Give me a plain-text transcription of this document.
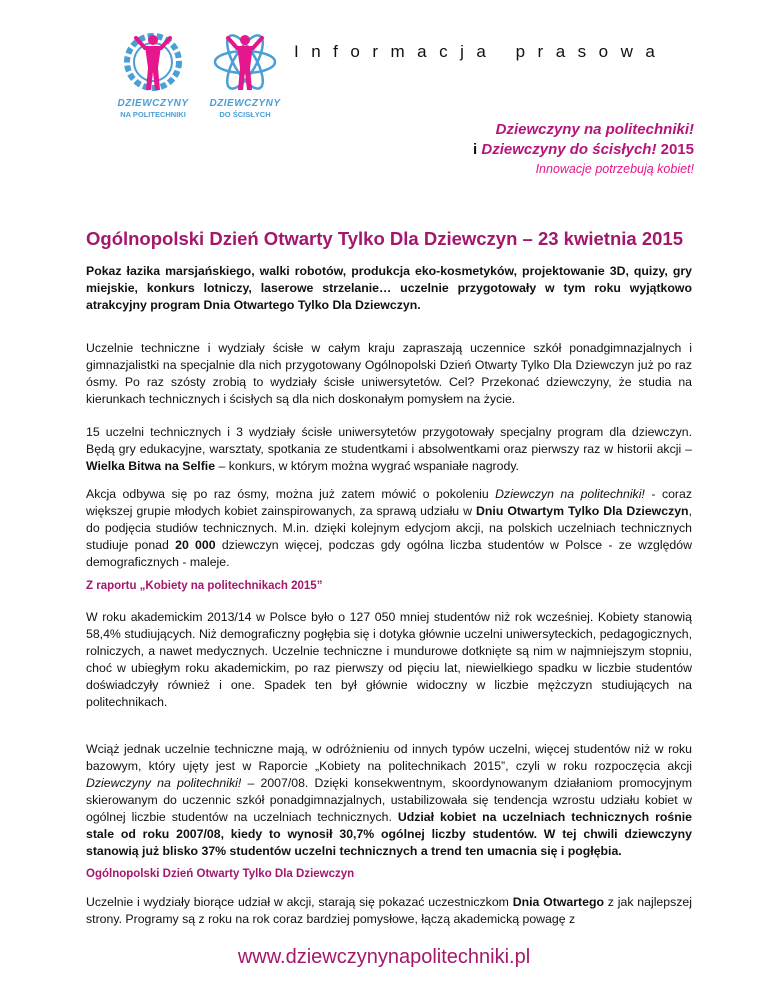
DZIEWCZYNY
NA POLITECHNIKI
DZIEWCZYNY
DO ŚCISŁYCH
Informacja prasowa
Dziewczyny na politechniki!
i Dziewczyny do ścisłych! 2015
Innowacje potrzebują kobiet!
Ogólnopolski Dzień Otwarty Tylko Dla Dziewczyn – 23 kwietnia 2015
Pokaz łazika marsjańskiego, walki robotów, produkcja eko-kosmetyków, projektowanie 3D, quizy, gry miejskie, konkurs lotniczy, laserowe strzelanie… uczelnie przygotowały w tym roku wyjątkowo atrakcyjny program Dnia Otwartego Tylko Dla Dziewczyn.
Uczelnie techniczne i wydziały ścisłe w całym kraju zapraszają uczennice szkół ponadgimnazjalnych i gimnazjalistki na specjalnie dla nich przygotowany Ogólnopolski Dzień Otwarty Tylko Dla Dziewczyn już po raz ósmy. Po raz szósty zrobią to wydziały ścisłe uniwersytetów. Cel? Przekonać dziewczyny, że studia na kierunkach technicznych i ścisłych są dla nich doskonałym pomysłem na życie.
15 uczelni technicznych i 3 wydziały ścisłe uniwersytetów przygotowały specjalny program dla dziewczyn. Będą gry edukacyjne, warsztaty, spotkania ze studentkami i absolwentkami oraz pierwszy raz w historii akcji – Wielka Bitwa na Selfie – konkurs, w którym można wygrać wspaniałe nagrody.
Akcja odbywa się po raz ósmy, można już zatem mówić o pokoleniu Dziewczyn na politechniki! - coraz większej grupie młodych kobiet zainspirowanych, za sprawą udziału w Dniu Otwartym Tylko Dla Dziewczyn, do podjęcia studiów technicznych. M.in. dzięki kolejnym edycjom akcji, na polskich uczelniach technicznych studiuje ponad 20 000 dziewczyn więcej, podczas gdy ogólna liczba studentów w Polsce - ze względów demograficznych - maleje.
Z raportu „Kobiety na politechnikach 2015”
W roku akademickim 2013/14 w Polsce było o 127 050 mniej studentów niż rok wcześniej. Kobiety stanowią 58,4% studiujących. Niż demograficzny pogłębia się i dotyka głównie uczelni uniwersyteckich, pedagogicznych, rolniczych, a nawet medycznych. Uczelnie techniczne i mundurowe dotknięte są nim w najmniejszym stopniu, choć w ubiegłym roku akademickim, po raz pierwszy od pięciu lat, niewielkiego spadku w liczbie studentów doświadczyły również i one. Spadek ten był głównie widoczny w liczbie mężczyzn studiujących na politechnikach.
Wciąż jednak uczelnie techniczne mają, w odróżnieniu od innych typów uczelni, więcej studentów niż w roku bazowym, który ujęty jest w Raporcie „Kobiety na politechnikach 2015”, czyli w roku rozpoczęcia akcji Dziewczyny na politechniki! – 2007/08. Dzięki konsekwentnym, skoordynowanym działaniom promocyjnym skierowanym do uczennic szkół ponadgimnazjalnych, ustabilizowała się tendencja wzrostu udziału kobiet w ogólnej liczbie studentów na uczelniach technicznych. Udział kobiet na uczelniach technicznych rośnie stale od roku 2007/08, kiedy to wynosił 30,7% ogólnej liczby studentów. W tej chwili dziewczyny stanowią już blisko 37% studentów uczelni technicznych a trend ten umacnia się i pogłębia.
Ogólnopolski Dzień Otwarty Tylko Dla Dziewczyn
Uczelnie i wydziały biorące udział w akcji, starają się pokazać uczestniczkom Dnia Otwartego z jak najlepszej strony. Programy są z roku na rok coraz bardziej pomysłowe, łączą akademicką powagę z
www.dziewczynynapolitechniki.pl
